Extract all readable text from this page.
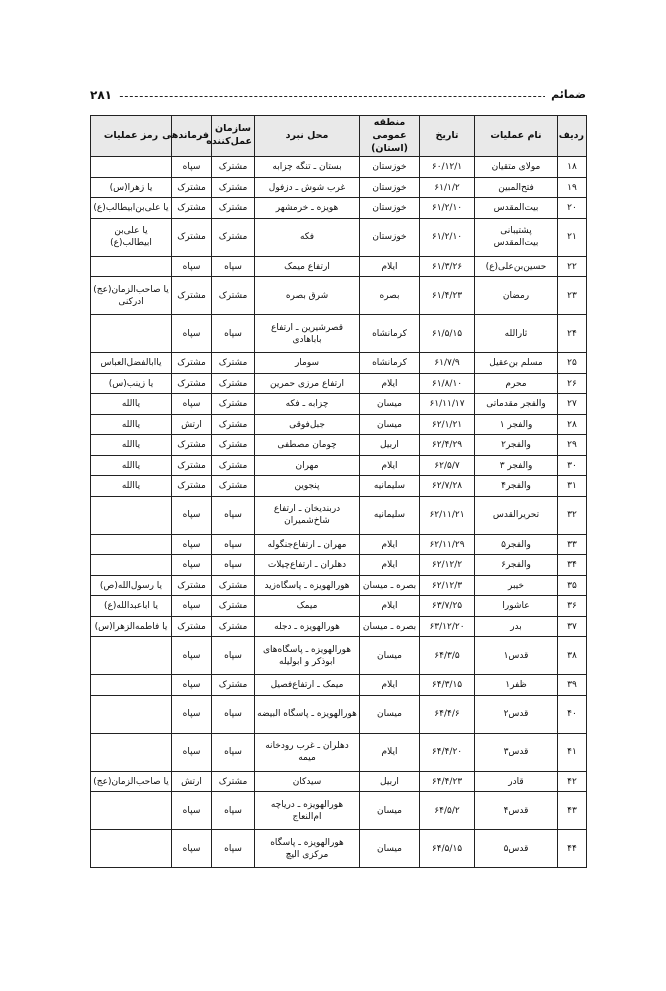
ضمائم
۲۸۱
ردیف	نام عملیات	تاریخ	منطقه عمومی (استان)	محل نبرد	سازمان عمل‌کننده	فرماندهی	رمز عملیات
۱۸	مولای متقیان	۶۰/۱۲/۱	خوزستان	بستان ـ تنگه چزابه	مشترک	سپاه	
۱۹	فتح‌المبین	۶۱/۱/۲	خوزستان	غرب شوش ـ دزفول	مشترک	مشترک	یا زهرا(س)
۲۰	بیت‌المقدس	۶۱/۲/۱۰	خوزستان	هویزه ـ خرمشهر	مشترک	مشترک	یا علی‌بن‌ابیطالب(ع)
۲۱	پشتیبانی بیت‌المقدس	۶۱/۲/۱۰	خوزستان	فکه	مشترک	مشترک	یا علی‌بن ابیطالب(ع)
۲۲	حسین‌بن‌علی(ع)	۶۱/۳/۲۶	ایلام	ارتفاع میمک	سپاه	سپاه	
۲۳	رمضان	۶۱/۴/۲۳	بصره	شرق بصره	مشترک	مشترک	یا صاحب‌الزمان(عج) ادرکنی
۲۴	ثارالله	۶۱/۵/۱۵	کرمانشاه	قصرشیرین ـ ارتفاع باباهادی	سپاه	سپاه	
۲۵	مسلم بن‌عقیل	۶۱/۷/۹	کرمانشاه	سومار	مشترک	مشترک	یاابالفضل‌العباس
۲۶	محرم	۶۱/۸/۱۰	ایلام	ارتفاع مرزی حمرین	مشترک	مشترک	یا زینب(س)
۲۷	والفجر مقدماتی	۶۱/۱۱/۱۷	میسان	چزابه ـ فکه	مشترک	سپاه	یاالله
۲۸	والفجر ۱	۶۲/۱/۲۱	میسان	جبل‌فوقی	مشترک	ارتش	یاالله
۲۹	والفجر۲	۶۲/۴/۲۹	اربیل	چومان مصطفی	مشترک	مشترک	یاالله
۳۰	والفجر ۳	۶۲/۵/۷	ایلام	مهران	مشترک	مشترک	یاالله
۳۱	والفجر۴	۶۲/۷/۲۸	سلیمانیه	پنجوین	مشترک	مشترک	یاالله
۳۲	تحریرالقدس	۶۲/۱۱/۲۱	سلیمانیه	دربندیخان ـ ارتفاع شاخ‌شمیران	سپاه	سپاه	
۳۳	والفجر۵	۶۲/۱۱/۲۹	ایلام	مهران ـ ارتفاع‌جنگوله	سپاه	سپاه	
۳۴	والفجر۶	۶۲/۱۲/۲	ایلام	دهلران ـ ارتفاع‌چیلات	سپاه	سپاه	
۳۵	خیبر	۶۲/۱۲/۳	بصره ـ میسان	هورالهویزه ـ پاسگاه‌زید	مشترک	مشترک	یا رسول‌الله(ص)
۳۶	عاشورا	۶۳/۷/۲۵	ایلام	میمک	مشترک	سپاه	یا اباعبدالله(ع)
۳۷	بدر	۶۳/۱۲/۲۰	بصره ـ میسان	هورالهویزه ـ دجله	مشترک	مشترک	یا فاطمه‌الزهرا(س)
۳۸	قدس۱	۶۴/۳/۵	میسان	هورالهویزه ـ پاسگاه‌های ابوذکر و ابولیله	سپاه	سپاه	
۳۹	ظفر۱	۶۴/۳/۱۵	ایلام	میمک ـ ارتفاع‌فصیل	مشترک	سپاه	
۴۰	قدس۲	۶۴/۴/۶	میسان	هورالهویزه ـ پاسگاه البیضه	سپاه	سپاه	
۴۱	قدس۳	۶۴/۴/۲۰	ایلام	دهلران ـ غرب رودخانه میمه	سپاه	سپاه	
۴۲	قادر	۶۴/۴/۲۳	اربیل	سیدکان	مشترک	ارتش	یا صاحب‌الزمان(عج)
۴۳	قدس۴	۶۴/۵/۲	میسان	هورالهویزه ـ دریاچه ام‌النعاج	سپاه	سپاه	
۴۴	قدس۵	۶۴/۵/۱۵	میسان	هورالهویزه ـ پاسگاه مرکزی الیچ	سپاه	سپاه	
